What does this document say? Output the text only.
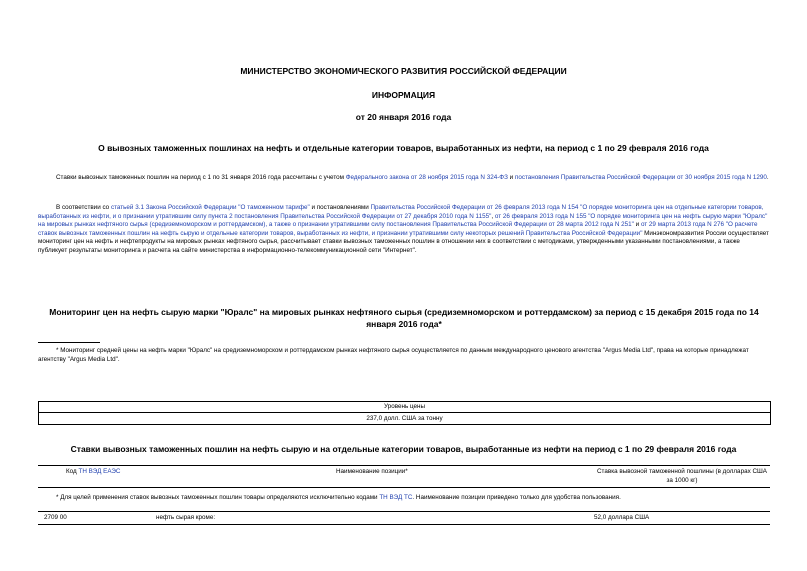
МИНИСТЕРСТВО ЭКОНОМИЧЕСКОГО РАЗВИТИЯ РОССИЙСКОЙ ФЕДЕРАЦИИ
ИНФОРМАЦИЯ
от 20 января 2016 года
О вывозных таможенных пошлинах на нефть и отдельные категории товаров, выработанных из нефти, на период с 1 по 29 февраля 2016 года
Ставки вывозных таможенных пошлин на период с 1 по 31 января 2016 года рассчитаны с учетом Федерального закона от 28 ноября 2015 года N 324-ФЗ и постановления Правительства Российской Федерации от 30 ноября 2015 года N 1290.
В соответствии со статьей 3.1 Закона Российской Федерации "О таможенном тарифе" и постановлениями Правительства Российской Федерации от 26 февраля 2013 года N 154 "О порядке мониторинга цен на отдельные категории товаров, выработанных из нефти, и о признании утратившим силу пункта 2 постановления Правительства Российской Федерации от 27 декабря 2010 года N 1155", от 26 февраля 2013 года N 155 "О порядке мониторинга цен на нефть сырую марки "Юралс" на мировых рынках нефтяного сырья (средиземноморском и роттердамском), а также о признании утратившими силу постановления Правительства Российской Федерации от 28 марта 2012 года N 251" и от 29 марта 2013 года N 276 "О расчете ставок вывозных таможенных пошлин на нефть сырую и отдельные категории товаров, выработанных из нефти, и признании утратившими силу некоторых решений Правительства Российской Федерации" Минэкономразвития России осуществляет мониторинг цен на нефть и нефтепродукты на мировых рынках нефтяного сырья, рассчитывает ставки вывозных таможенных пошлин в отношении них в соответствии с методиками, утвержденными указанными постановлениями, а также публикует результаты мониторинга и расчета на сайте министерства в информационно-телекоммуникационной сети "Интернет".
Мониторинг цен на нефть сырую марки "Юралс" на мировых рынках нефтяного сырья (средиземноморском и роттердамском) за период с 15 декабря 2015 года по 14 января 2016 года*
* Мониторинг средней цены на нефть марки "Юралс" на средиземноморском и роттердамском рынках нефтяного сырья осуществляется по данным международного ценового агентства "Argus Media Ltd", права на которые принадлежат агентству "Argus Media Ltd".
Уровень цены
237,0 долл. США за тонну
Ставки вывозных таможенных пошлин на нефть сырую и на отдельные категории товаров, выработанные из нефти на период с 1 по 29 февраля 2016 года
Код ТН ВЭД ЕАЭС	Наименование позиции*	Ставка вывозной таможенной пошлины (в долларах США за 1000 кг)
* Для целей применения ставок вывозных таможенных пошлин товары определяются исключительно кодами ТН ВЭД ТС. Наименование позиции приведено только для удобства пользования.
2709 00	нефть сырая кроме:	52,0 доллара США
